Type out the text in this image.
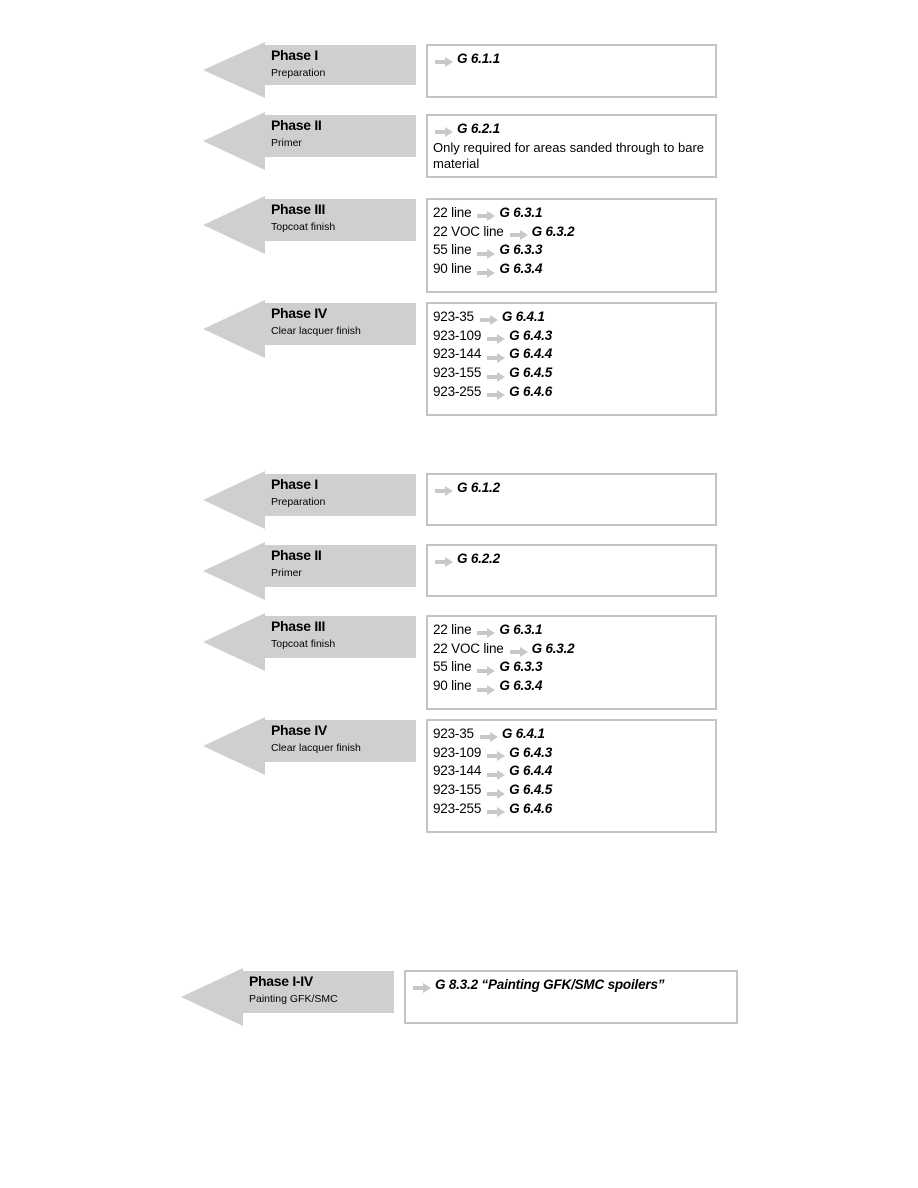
Phase I
Preparation
G 6.1.1
Phase II
Primer
G 6.2.1
Only required for areas sanded through to bare material
Phase III
Topcoat finish
22 line G 6.3.1
22 VOC line G 6.3.2
55 line G 6.3.3
90 line G 6.3.4
Phase IV
Clear lacquer finish
923-35 G 6.4.1
923-109 G 6.4.3
923-144 G 6.4.4
923-155 G 6.4.5
923-255 G 6.4.6
Phase I
Preparation
G 6.1.2
Phase II
Primer
G 6.2.2
Phase III
Topcoat finish
22 line G 6.3.1
22 VOC line G 6.3.2
55 line G 6.3.3
90 line G 6.3.4
Phase IV
Clear lacquer finish
923-35 G 6.4.1
923-109 G 6.4.3
923-144 G 6.4.4
923-155 G 6.4.5
923-255 G 6.4.6
Phase I-IV
Painting GFK/SMC
G 8.3.2 “Painting GFK/SMC spoilers”
